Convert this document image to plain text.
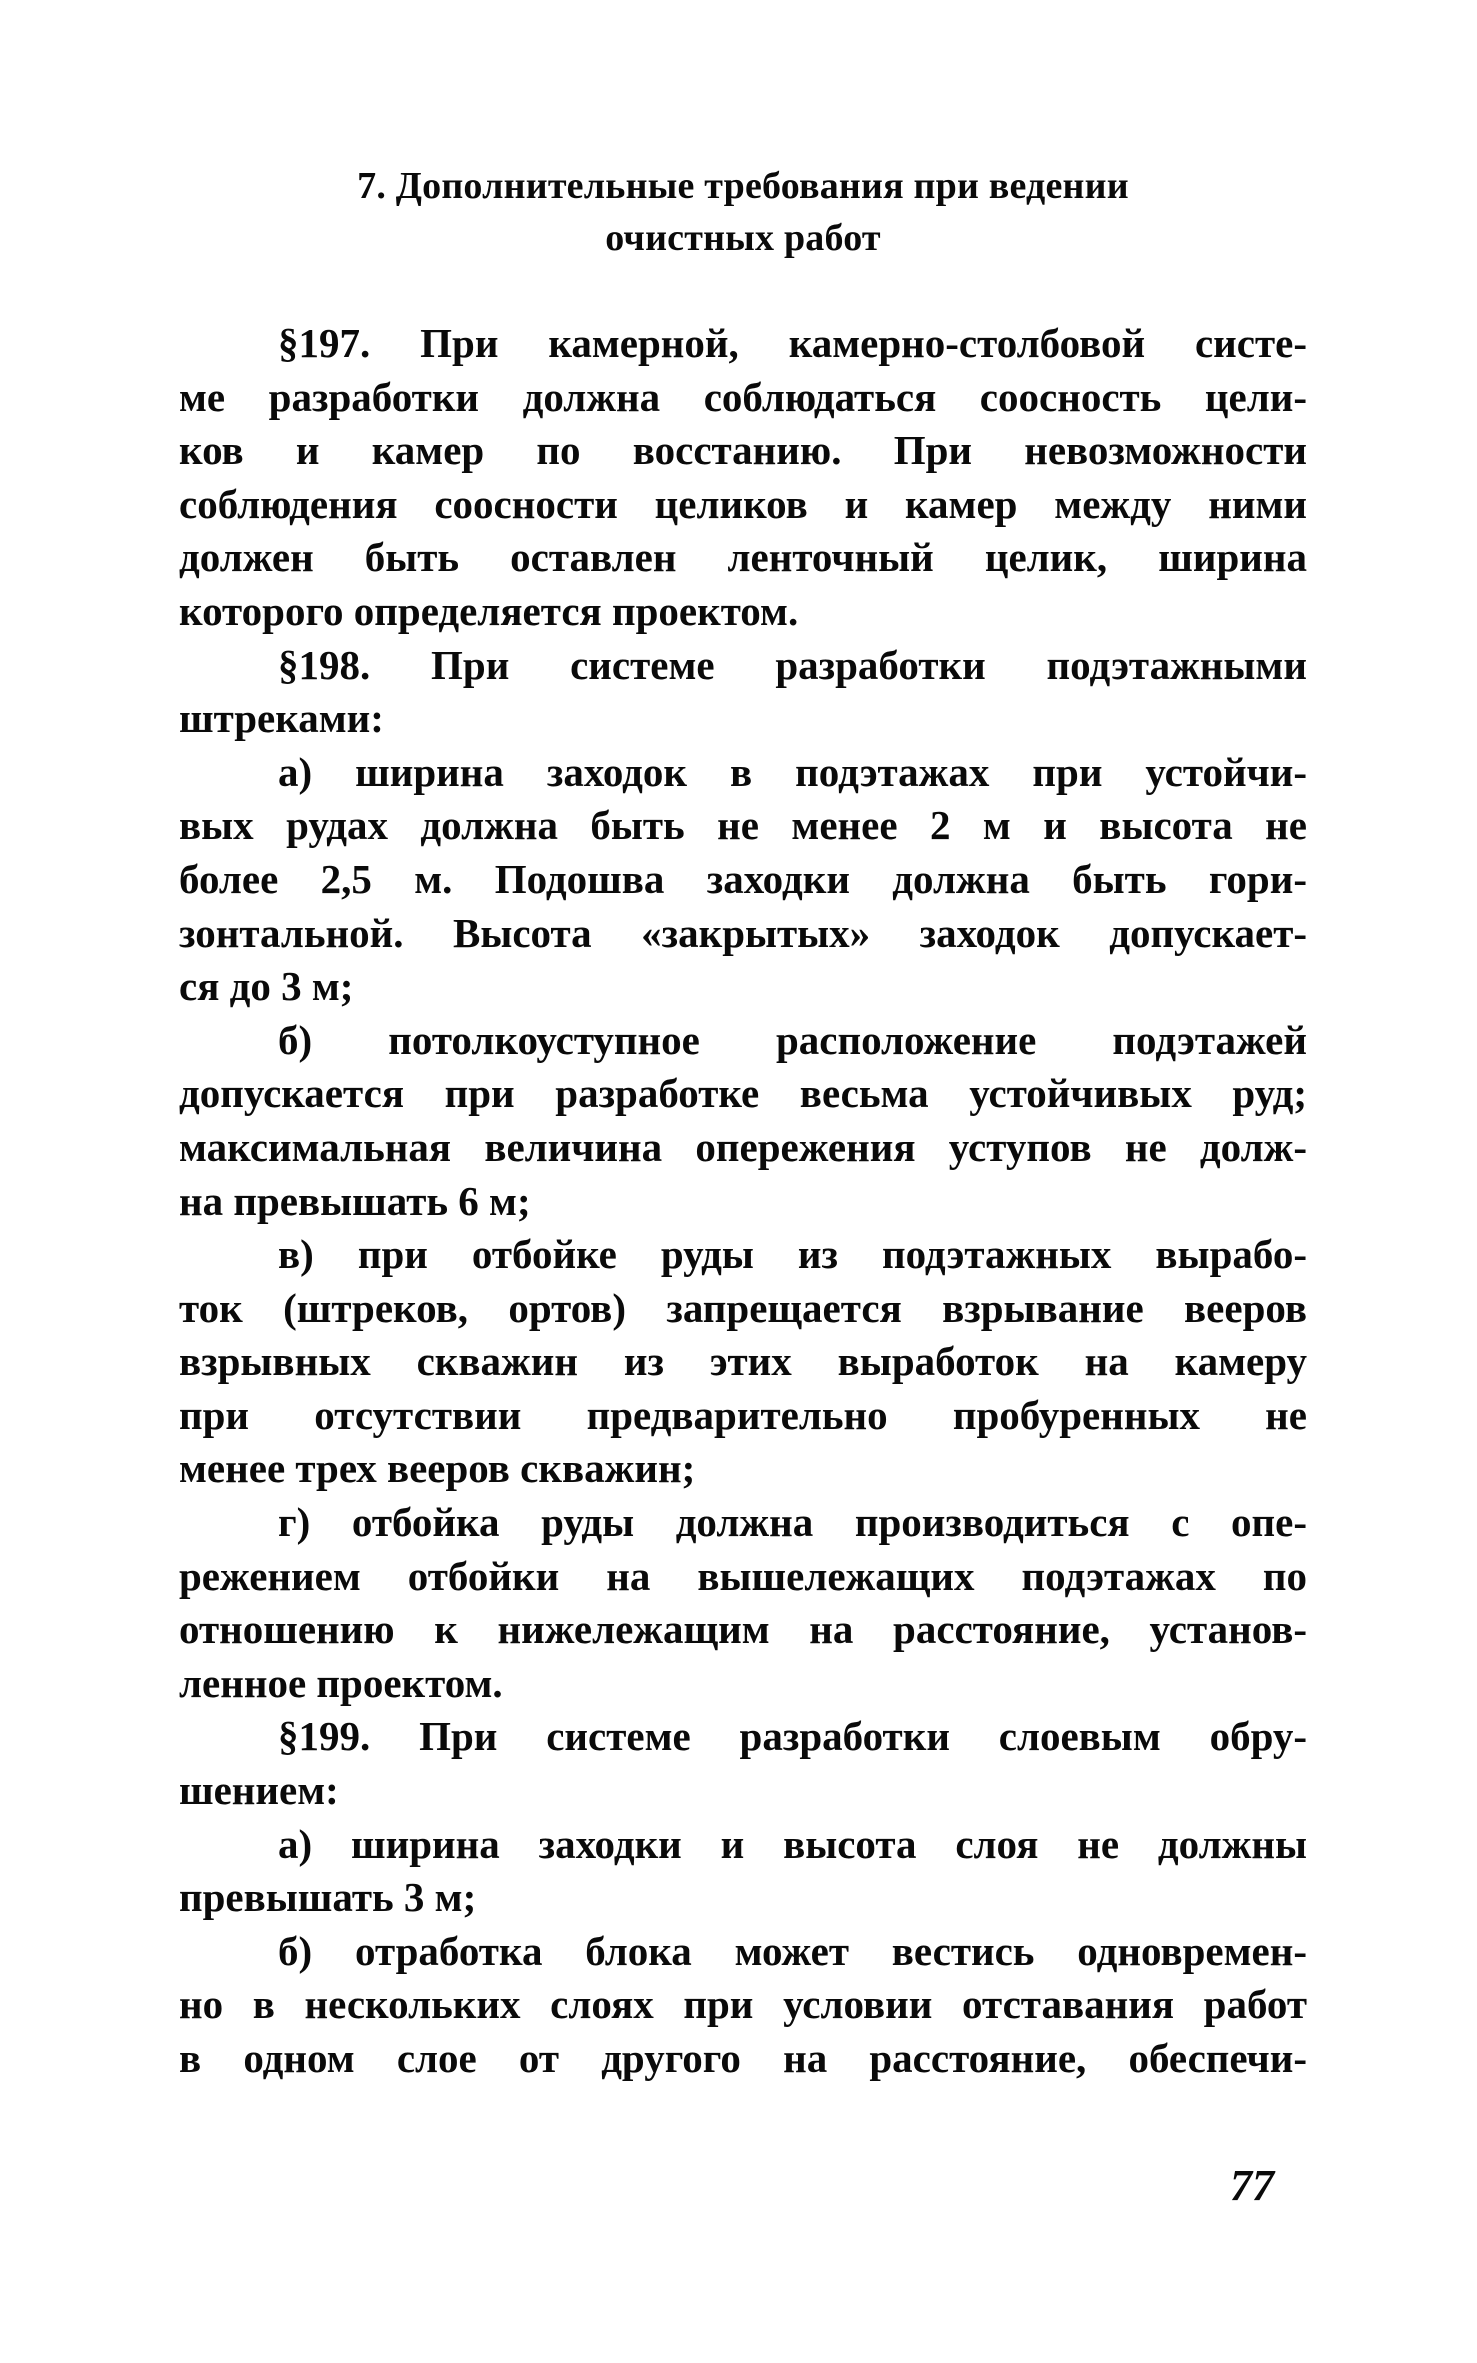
7. Дополнительные требования при ведении
очистных работ
§197. При камерной, камерно-столбовой систе-
ме разработки должна соблюдаться соосность цели-
ков и камер по восстанию. При невозможности
соблюдения соосности целиков и камер между ними
должен быть оставлен ленточный целик, ширина
которого определяется проектом.
§198. При системе разработки подэтажными
штреками:
а) ширина заходок в подэтажах при устойчи-
вых рудах должна быть не менее 2 м и высота не
более 2,5 м. Подошва заходки должна быть гори-
зонтальной. Высота «закрытых» заходок допускает-
ся до 3 м;
б) потолкоуступное расположение подэтажей
допускается при разработке весьма устойчивых руд;
максимальная величина опережения уступов не долж-
на превышать 6 м;
в) при отбойке руды из подэтажных вырабо-
ток (штреков, ортов) запрещается взрывание вееров
взрывных скважин из этих выработок на камеру
при отсутствии предварительно пробуренных не
менее трех вееров скважин;
г) отбойка руды должна производиться с опе-
режением отбойки на вышележащих подэтажах по
отношению к нижележащим на расстояние, установ-
ленное проектом.
§199. При системе разработки слоевым обру-
шением:
а) ширина заходки и высота слоя не должны
превышать 3 м;
б) отработка блока может вестись одновремен-
но в нескольких слоях при условии отставания работ
в одном слое от другого на расстояние, обеспечи-
77
